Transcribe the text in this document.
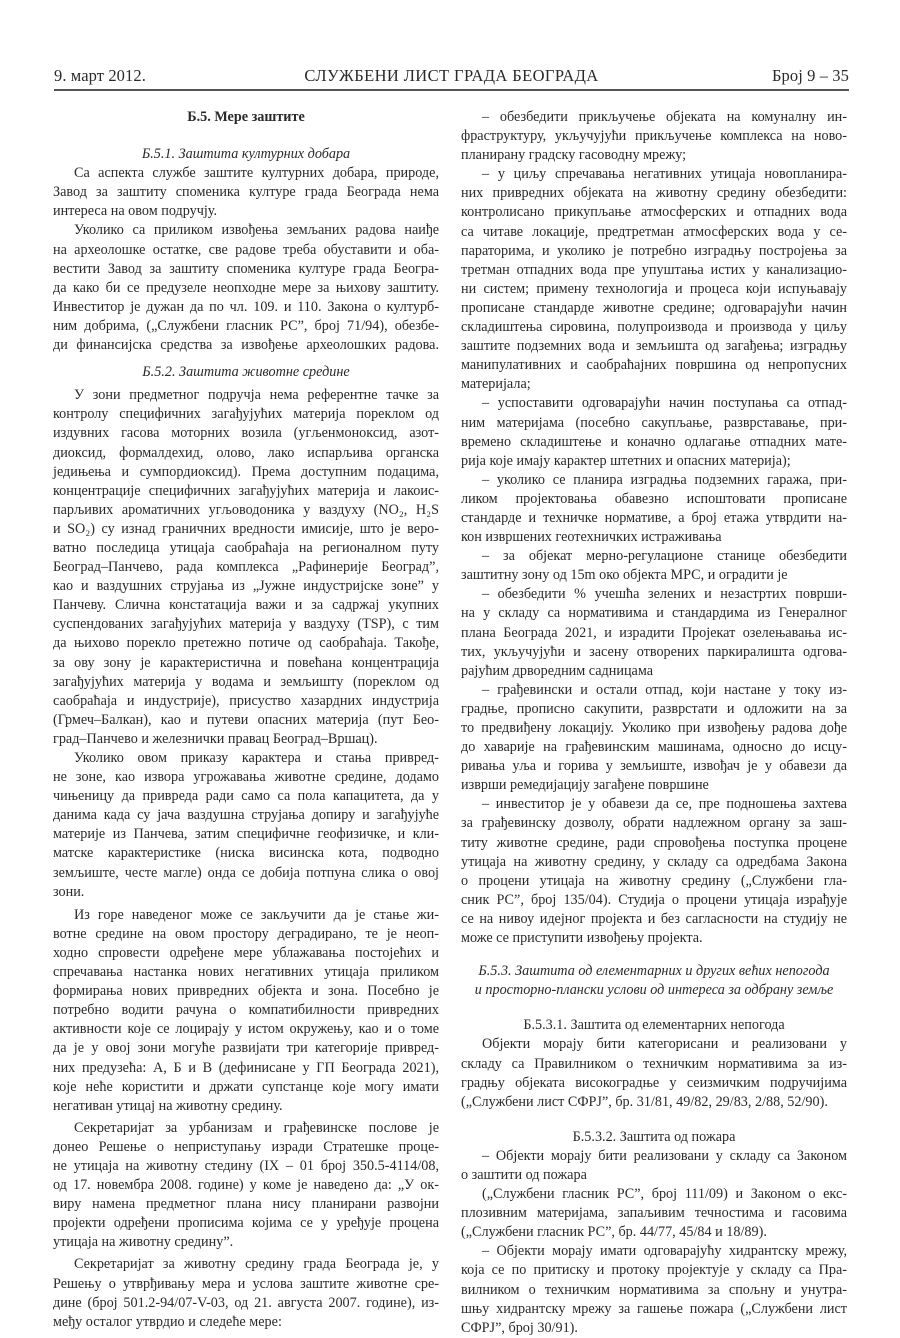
9. март 2012.	СЛУЖБЕНИ ЛИСТ ГРАДА БЕОГРАДА	Број 9 – 35
Б.5. Мере заштите
Б.5.1. Заштита културних добара
Са аспекта службе заштите културних добара, природе,
Завод за заштиту споменика културе града Београда нема
интереса на овом подручју.
Уколико са приликом извођења земљаних радова наиђе
на археолошке остатке, све радове треба обуставити и оба-
вестити Завод за заштиту споменика културе града Београ-
да како би се предузеле неопходне мере за њихову заштиту.
Инвеститор је дужан да по чл. 109. и 110. Закона о културб-
ним добрима, („Службени гласник РС”, број 71/94), обезбе-
ди финансијска средства за извођење археолошких радова.
Б.5.2. Заштита животне средине
У зони предметног подручја нема референтне тачке за
контролу специфичних загађујућих материја пореклом од
издувних гасова моторних возила (угљенмоноксид, азот-
диоксид, формалдехид, олово, лако испарљива органска
једињења и сумпордиоксид). Према доступним подацима,
концентрације специфичних загађујућих материја и лакоис-
парљивих ароматичних угљоводоника у ваздуху (NO₂, H₂S
и SO₂) су изнад граничних вредности имисије, што је веро-
ватно последица утицаја саобраћаја на регионалном путу
Београд–Панчево, рада комплекса „Рафинерије Београд”,
као и ваздушних струјања из „Јужне индустријске зоне” у
Панчеву. Слична констатација важи и за садржај укупних
суспендованих загађујућих материја у ваздуху (TSP), с тим
да њихово порекло претежно потиче од саобраћаја. Такође,
за ову зону је карактеристична и повећана концентрација
загађујућих материја у водама и земљишту (пореклом од
саобраћаја и индустрије), присуство хазардних индустрија
(Грмеч–Балкан), као и путеви опасних материја (пут Бео-
град–Панчево и железнички правац Београд–Вршац).
Уколико овом приказу карактера и стања привред-
не зоне, као извора угрожавања животне средине, додамо
чињеницу да привреда ради само са пола капацитета, да у
данима када су јача ваздушна струјања допиру и загађујуће
материје из Панчева, затим специфичне геофизичке, и кли-
матске карактеристике (ниска висинска кота, подводно
земљиште, честе магле) онда се добија потпуна слика о овој
зони.
Из горе наведеног може се закључити да је стање жи-
вотне средине на овом простору деградирано, те је неоп-
ходно спровести одређене мере ублажавања постојећих и
спречавања настанка нових негативних утицаја приликом
формирања нових привредних објекта и зона. Посебно је
потребно водити рачуна о компатибилности привредних
активности које се лоцирају у истом окружењу, као и о томе
да је у овој зони могуће развијати три категорије привред-
них предузећа: А, Б и В (дефинисане у ГП Београда 2021),
које неће користити и држати супстанце које могу имати
негативан утицај на животну средину.
Секретаријат за урбанизам и грађевинске послове је
донео Решење о неприступању изради Стратешке проце-
не утицаја на животну стедину (IX – 01 број 350.5-4114/08,
од 17. новембра 2008. године) у коме је наведено да: „У ок-
виру намена предметног плана нису планирани развојни
пројекти одређени прописима којима се у уређује процена
утицаја на животну средину”.
Секретаријат за животну средину града Београда је, у
Решењу о утврђивању мера и услова заштите животне сре-
дине (број 501.2-94/07-V-03, од 21. августа 2007. године), из-
међу осталог утврдио и следеће мере:
– обезбедити прикључење објеката на комуналну ин-
фраструктуру, укључујући прикључење комплекса на ново-
планирану градску гасоводну мрежу;
– у циљу спречавања негативних утицаја новопланира-
них привредних објеката на животну средину обезбедити:
контролисано прикупљање атмосферских и отпадних вода
са читаве локације, предтретман атмосферских вода у се-
параторима, и уколико је потребно изградњу постројења за
третман отпадних вода пре упуштања истих у канализацио-
ни систем; примену технологија и процеса који испуњавају
прописане стандарде животне средине; одговарајући начин
складиштења сировина, полупроизвода и производа у циљу
заштите подземних вода и земљишта од загађења; изградњу
манипулативних и саобраћајних површина од непропусних
материјала;
– успоставити одговарајући начин поступања са отпад-
ним материјама (посебно сакупљање, разврставање, при-
времено складиштење и коначно одлагање отпадних мате-
рија које имају карактер штетних и опасних материја);
– уколико се планира изградња подземних гаража, при-
ликом пројектовања обавезно испоштовати прописане
стандарде и техничке нормативе, а број етажа утврдити на-
кон извршених геотехничких истраживања
– за објекат мерно-регулационе станице обезбедити
заштитну зону од 15m око објекта МРС, и оградити је
– обезбедити % учешћа зелених и незастртих површи-
на у складу са нормативима и стандардима из Генералног
плана Београда 2021, и израдити Пројекат озелењавања ис-
тих, укључујући и засену отворених паркиралишта одгова-
рајућим дрворедним садницама
– грађевински и остали отпад, који настане у току из-
градње, прописно сакупити, разврстати и одложити на за
то предвиђену локацију. Уколико при извођењу радова дође
до хаварије на грађевинским машинама, односно до исцу-
ривања уља и горива у земљиште, извођач је у обавези да
изврши ремедијацију загађене површине
– инвеститор је у обавези да се, пре подношења захтева
за грађевинску дозволу, обрати надлежном органу за заш-
титу животне средине, ради спровођења поступка процене
утицаја на животну средину, у складу са одредбама Закона
о процени утицаја на животну средину („Службени гла-
сник РС”, број 135/04). Студија о процени утицаја израђује
се на нивоу идејног пројекта и без сагласности на студију не
може се приступити извођењу пројекта.
Б.5.3. Заштита од елементарних и других већих непогода
и просторно-плански услови од интереса за одбрану земље
Б.5.3.1. Заштита од елементарних непогода
Објекти морају бити категорисани и реализовани у
складу са Правилником о техничким нормативима за из-
градњу објеката високоградње у сеизмичким подручијима
(„Службени лист СФРЈ”, бр. 31/81, 49/82, 29/83, 2/88, 52/90).
Б.5.3.2. Заштита од пожара
– Објекти морају бити реализовани у складу са Законом
о заштити од пожара
(„Службени гласник РС”, број 111/09) и Законом о екс-
плозивним материјама, запаљивим течностима и гасовима
(„Службени гласник РС”, бр. 44/77, 45/84 и 18/89).
– Објекти морају имати одговарајућу хидрантску мрежу,
која се по притиску и протоку пројектује у складу са Пра-
вилником о техничким нормативима за спољну и унутра-
шњу хидрантску мрежу за гашење пожара („Службени лист
СФРЈ”, број 30/91).
